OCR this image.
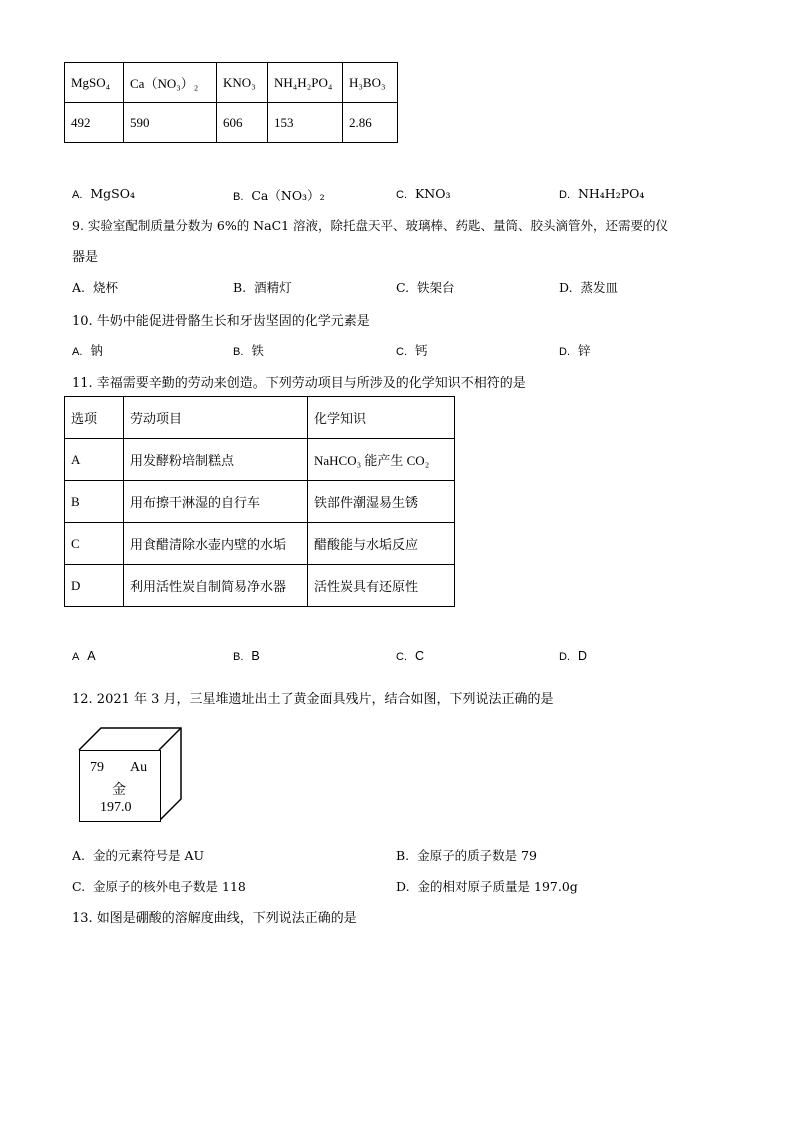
MgSO₄	Ca（NO₃）₂	KNO₃	NH₄H₂PO₄	H₃BO₃
492	590	606	153	2.86
A. MgSO₄	B. Ca（NO₃）₂	C. KNO₃	D. NH₄H₂PO₄
9. 实验室配制质量分数为 6%的 NaC1 溶液，除托盘天平、玻璃棒、药匙、量筒、胶头滴管外，还需要的仪
器是
A. 烧杯	B. 酒精灯	C. 铁架台	D. 蒸发皿
10. 牛奶中能促进骨骼生长和牙齿坚固的化学元素是
A. 钠	B. 铁	C. 钙	D. 锌
11. 幸福需要辛勤的劳动来创造。下列劳动项目与所涉及的化学知识不相符的是
选项	劳动项目	化学知识
A	用发酵粉培制糕点	NaHCO₃ 能产生 CO₂
B	用布擦干淋湿的自行车	铁部件潮湿易生锈
C	用食醋清除水壶内壁的水垢	醋酸能与水垢反应
D	利用活性炭自制简易净水器	活性炭具有还原性
A A	B. B	C. C	D. D
12. 2021 年 3 月，三星堆遗址出土了黄金面具残片，结合如图，下列说法正确的是
79 Au
金
197.0
A. 金的元素符号是 AU	B. 金原子的质子数是 79
C. 金原子的核外电子数是 118	D. 金的相对原子质量是 197.0g
13. 如图是硼酸的溶解度曲线，下列说法正确的是
